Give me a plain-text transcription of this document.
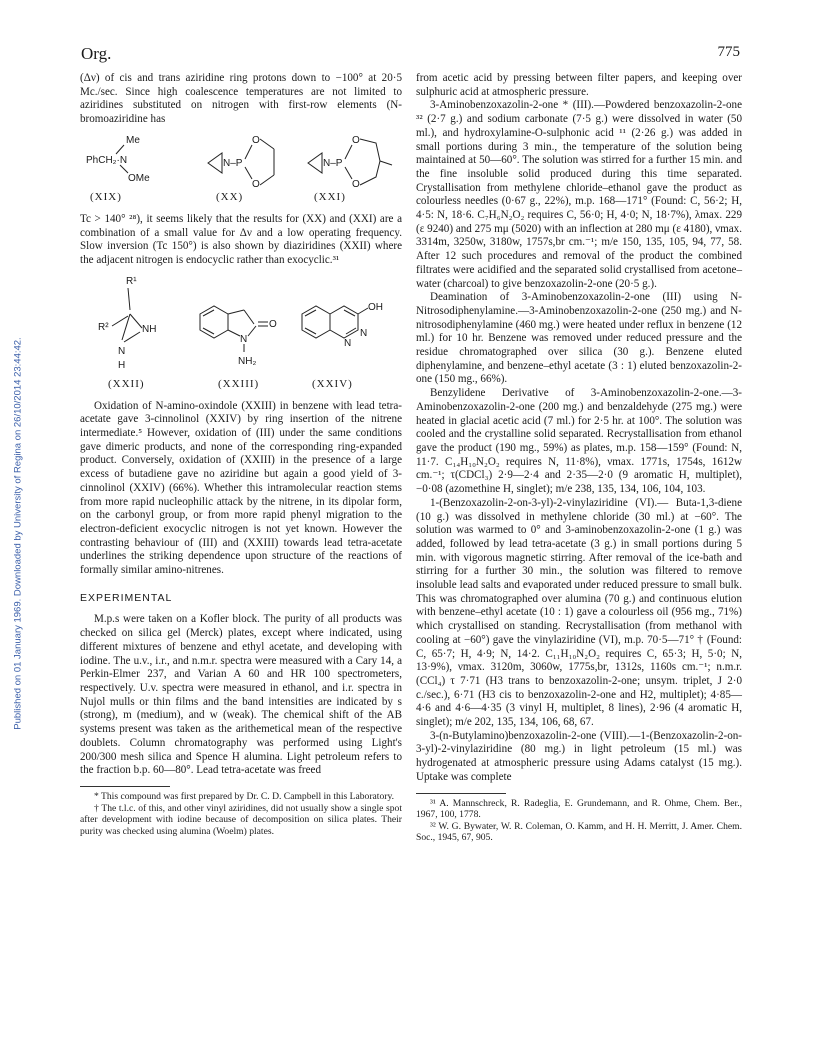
Org.	775
Published on 01 January 1969. Downloaded by University of Regina on 26/10/2014 23:44:42.

(Δν) of cis and trans aziridine ring protons down to −100° at 20·5 Mc./sec. Since high coalescence temperatures are not limited to aziridines substituted on nitrogen with first-row elements (N-bromoaziridine has

Me
PhCH₂·N
OMe
N–P
O
O
N–P
O
O
(XIX)	(XX)	(XXI)

Tc > 140° ²⁸), it seems likely that the results for (XX) and (XXI) are a combination of a small value for Δν and a low operating frequency. Slow inversion (Tc 150°) is also shown by diaziridines (XXII) where the adjacent nitrogen is endocyclic rather than exocyclic.³¹

R¹
R²	NH
N
H
N
O
NH₂
OH
N
N
(XXII)	(XXIII)	(XXIV)

Oxidation of N-amino-oxindole (XXIII) in benzene with lead tetra-acetate gave 3-cinnolinol (XXIV) by ring insertion of the nitrene intermediate.⁵ However, oxidation of (III) under the same conditions gave dimeric products, and none of the corresponding ring-expanded product. Conversely, oxidation of (XXIII) in the presence of a large excess of butadiene gave no aziridine but again a good yield of 3-cinnolinol (XXIV) (66%). Whether this intramolecular reaction stems from more rapid nucleophilic attack by the nitrene, in its dipolar form, on the carbonyl group, or from more rapid phenyl migration to the electron-deficient exocyclic nitrogen is not yet known. However the contrasting behaviour of (III) and (XXIII) towards lead tetra-acetate underlines the striking dependence upon structure of the reactions of formally similar amino-nitrenes.

EXPERIMENTAL

M.p.s were taken on a Kofler block. The purity of all products was checked on silica gel (Merck) plates, except where indicated, using different mixtures of benzene and ethyl acetate, and developing with iodine. The u.v., i.r., and n.m.r. spectra were measured with a Cary 14, a Perkin-Elmer 237, and Varian A 60 and HR 100 spectrometers, respectively. U.v. spectra were measured in ethanol, and i.r. spectra in Nujol mulls or thin films and the band intensities are indicated by s (strong), m (medium), and w (weak). The chemical shift of the AB systems present was taken as the arithemetical mean of the respective doublets. Column chromatography was performed using Light's 200/300 mesh silica and Spence H alumina. Light petroleum refers to the fraction b.p. 60—80°. Lead tetra-acetate was freed

* This compound was first prepared by Dr. C. D. Campbell in this Laboratory.

† The t.l.c. of this, and other vinyl aziridines, did not usually show a single spot after development with iodine because of decomposition on silica plates. Their purity was checked using alumina (Woelm) plates.

from acetic acid by pressing between filter papers, and keeping over sulphuric acid at atmospheric pressure.

3-Aminobenzoxazolin-2-one * (III).—Powdered benzoxazolin-2-one ³² (2·7 g.) and sodium carbonate (7·5 g.) were dissolved in water (50 ml.), and hydroxylamine-O-sulphonic acid ¹¹ (2·26 g.) was added in small portions during 3 min., the temperature of the solution being maintained at 50—60°. The solution was stirred for a further 15 min. and the fine insoluble solid produced during this time separated. Crystallisation from methylene chloride–ethanol gave the product as colourless needles (0·67 g., 22%), m.p. 168—171° (Found: C, 56·2; H, 4·5: N, 18·6. C₇H₆N₂O₂ requires C, 56·0; H, 4·0; N, 18·7%), λmax. 229 (ε 9240) and 275 mμ (5020) with an inflection at 280 mμ (ε 4180), νmax. 3314m, 3250w, 3180w, 1757s,br cm.⁻¹; m/e 150, 135, 105, 94, 77, 58. After 12 such procedures and removal of the product the combined filtrates were acidified and the separated solid crystallised from acetone–water (charcoal) to give benzoxazolin-2-one (20·5 g.).

Deamination of 3-Aminobenzoxazolin-2-one (III) using N-Nitrosodiphenylamine.—3-Aminobenzoxazolin-2-one (250 mg.) and N-nitrosodiphenylamine (460 mg.) were heated under reflux in benzene (12 ml.) for 10 hr. Benzene was removed under reduced pressure and the residue chromatographed over silica (30 g.). Benzene eluted diphenylamine, and benzene–ethyl acetate (3 : 1) eluted benzoxazolin-2-one (150 mg., 66%).

Benzylidene Derivative of 3-Aminobenzoxazolin-2-one.—3-Aminobenzoxazolin-2-one (200 mg.) and benzaldehyde (275 mg.) were heated in glacial acetic acid (7 ml.) for 2·5 hr. at 100°. The solution was cooled and the crystalline solid separated. Recrystallisation from ethanol gave the product (190 mg., 59%) as plates, m.p. 158—159° (Found: N, 11·7. C₁₄H₁₀N₂O₂ requires N, 11·8%), νmax. 1771s, 1754s, 1612w cm.⁻¹; τ(CDCl₃) 2·9—2·4 and 2·35—2·0 (9 aromatic H, multiplet), −0·08 (azomethine H, singlet); m/e 238, 135, 134, 106, 104, 103.

1-(Benzoxazolin-2-on-3-yl)-2-vinylaziridine (VI).— Buta-1,3-diene (10 g.) was dissolved in methylene chloride (30 ml.) at −60°. The solution was warmed to 0° and 3-aminobenzoxazolin-2-one (1 g.) was added, followed by lead tetra-acetate (3 g.) in small portions during 5 min. with vigorous magnetic stirring. After removal of the ice-bath and stirring for a further 30 min., the solution was filtered to remove insoluble lead salts and evaporated under reduced pressure to small bulk. This was chromatographed over alumina (70 g.) and continuous elution with benzene–ethyl acetate (10 : 1) gave a colourless oil (956 mg., 71%) which crystallised on standing. Recrystallisation (from methanol with cooling at −60°) gave the vinylaziridine (VI), m.p. 70·5—71° † (Found: C, 65·7; H, 4·9; N, 14·2. C₁₁H₁₀N₂O₂ requires C, 65·3; H, 5·0; N, 13·9%), νmax. 3120m, 3060w, 1775s,br, 1312s, 1160s cm.⁻¹; n.m.r. (CCl₄) τ 7·71 (H3 trans to benzoxazolin-2-one; unsym. triplet, J 2·0 c./sec.), 6·71 (H3 cis to benzoxazolin-2-one and H2, multiplet); 4·85—4·6 and 4·6—4·35 (3 vinyl H, multiplet, 8 lines), 2·96 (4 aromatic H, singlet); m/e 202, 135, 134, 106, 68, 67.

3-(n-Butylamino)benzoxazolin-2-one (VIII).—1-(Benzoxazolin-2-on-3-yl)-2-vinylaziridine (80 mg.) in light petroleum (15 ml.) was hydrogenated at atmospheric pressure using Adams catalyst (15 mg.). Uptake was complete

³¹ A. Mannschreck, R. Radeglia, E. Grundemann, and R. Ohme, Chem. Ber., 1967, 100, 1778.

³² W. G. Bywater, W. R. Coleman, O. Kamm, and H. H. Merritt, J. Amer. Chem. Soc., 1945, 67, 905.
